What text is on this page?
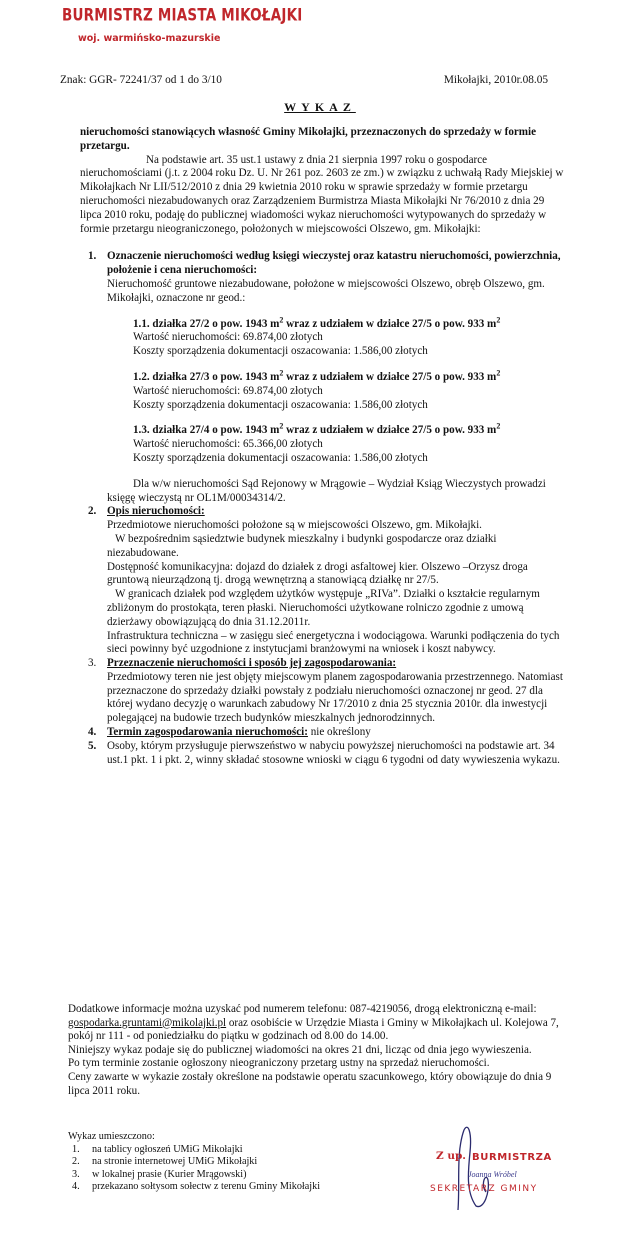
BURMISTRZ MIASTA MIKOŁAJKI
woj. warmińsko-mazurskie
Znak: GGR- 72241/37 od 1 do 3/10	Mikołajki, 2010r.08.05
WYKAZ

nieruchomości stanowiących własność Gminy Mikołajki, przeznaczonych do sprzedaży w formie przetargu.

Na podstawie art. 35 ust.1 ustawy z dnia 21 sierpnia 1997 roku o gospodarce nieruchomościami (j.t. z 2004 roku Dz. U. Nr 261 poz. 2603 ze zm.) w związku z uchwałą Rady Miejskiej w Mikołajkach Nr LII/512/2010 z dnia 29 kwietnia 2010 roku w sprawie sprzedaży w formie przetargu nieruchomości niezabudowanych oraz Zarządzeniem Burmistrza Miasta Mikołajki Nr 76/2010 z dnia 29 lipca 2010 roku, podaję do publicznej wiadomości wykaz nieruchomości wytypowanych do sprzedaży w formie przetargu nieograniczonego, położonych w miejscowości Olszewo, gm. Mikołajki:

1. Oznaczenie nieruchomości według księgi wieczystej oraz katastru nieruchomości, powierzchnia, położenie i cena nieruchomości:
Nieruchomość gruntowe niezabudowane, położone w miejscowości Olszewo, obręb Olszewo, gm. Mikołajki, oznaczone nr geod.:
1.1. działka 27/2 o pow. 1943 $m^2$ wraz z udziałem w działce 27/5 o pow. 933 $m^2$
Wartość nieruchomości: 69.874,00 złotych
Koszty sporządzenia dokumentacji oszacowania: 1.586,00 złotych
1.2. działka 27/3 o pow. 1943 $m^2$ wraz z udziałem w działce 27/5 o pow. 933 $m^2$
Wartość nieruchomości: 69.874,00 złotych
Koszty sporządzenia dokumentacji oszacowania: 1.586,00 złotych
1.3. działka 27/4 o pow. 1943 $m^2$ wraz z udziałem w działce 27/5 o pow. 933 $m^2$
Wartość nieruchomości: 65.366,00 złotych
Koszty sporządzenia dokumentacji oszacowania: 1.586,00 złotych

Dla w/w nieruchomości Sąd Rejonowy w Mrągowie – Wydział Ksiąg Wieczystych prowadzi księgę wieczystą nr OL1M/00034314/2.

2. Opis nieruchomości:
Przedmiotowe nieruchomości położone są w miejscowości Olszewo, gm. Mikołajki.
W bezpośrednim sąsiedztwie budynek mieszkalny i budynki gospodarcze oraz działki niezabudowane.
Dostępność komunikacyjna: dojazd do działek z drogi asfaltowej kier. Olszewo –Orzysz droga gruntową nieurządzoną tj. drogą wewnętrzną a stanowiącą działkę nr 27/5.
W granicach działek pod względem użytków występuje „RIVa”. Działki o kształcie regularnym zbliżonym do prostokąta, teren płaski. Nieruchomości użytkowane rolniczo zgodnie z umową dzierżawy obowiązującą do dnia 31.12.2011r.
Infrastruktura techniczna – w zasięgu sieć energetyczna i wodociągowa. Warunki podłączenia do tych sieci powinny być uzgodnione z instytucjami branżowymi na wniosek i koszt nabywcy.
3. Przeznaczenie nieruchomości i sposób jej zagospodarowania:
Przedmiotowy teren nie jest objęty miejscowym planem zagospodarowania przestrzennego. Natomiast przeznaczone do sprzedaży działki powstały z podziału nieruchomości oznaczonej nr geod. 27 dla której wydano decyzję o warunkach zabudowy Nr 17/2010 z dnia 25 stycznia 2010r. dla inwestycji polegającej na budowie trzech budynków mieszkalnych jednorodzinnych.
4. Termin zagospodarowania nieruchomości: nie określony
5. Osoby, którym przysługuje pierwszeństwo w nabyciu powyższej nieruchomości na podstawie art. 34 ust.1 pkt. 1 i pkt. 2, winny składać stosowne wnioski w ciągu 6 tygodni od daty wywieszenia wykazu.

Dodatkowe informacje można uzyskać pod numerem telefonu: 087-4219056, drogą elektroniczną e-mail: gospodarka.gruntami@mikolajki.pl oraz osobiście w Urzędzie Miasta i Gminy w Mikołajkach ul. Kolejowa 7, pokój nr 111 - od poniedziałku do piątku w godzinach od 8.00 do 14.00.

Niniejszy wykaz podaje się do publicznej wiadomości na okres 21 dni, licząc od dnia jego wywieszenia.

Po tym terminie zostanie ogłoszony nieograniczony przetarg ustny na sprzedaż nieruchomości.

Ceny zawarte w wykazie zostały określone na podstawie operatu szacunkowego, który obowiązuje do dnia 9 lipca 2011 roku.

Wykaz umieszczono:
1. na tablicy ogłoszeń UMiG Mikołajki
2. na stronie internetowej UMiG Mikołajki
3. w lokalnej prasie (Kurier Mrągowski)
4. przekazano sołtysom sołectw z terenu Gminy Mikołajki
Z up. BURMISTRZA
Joanna Wróbel
SEKRETARZ GMINY
